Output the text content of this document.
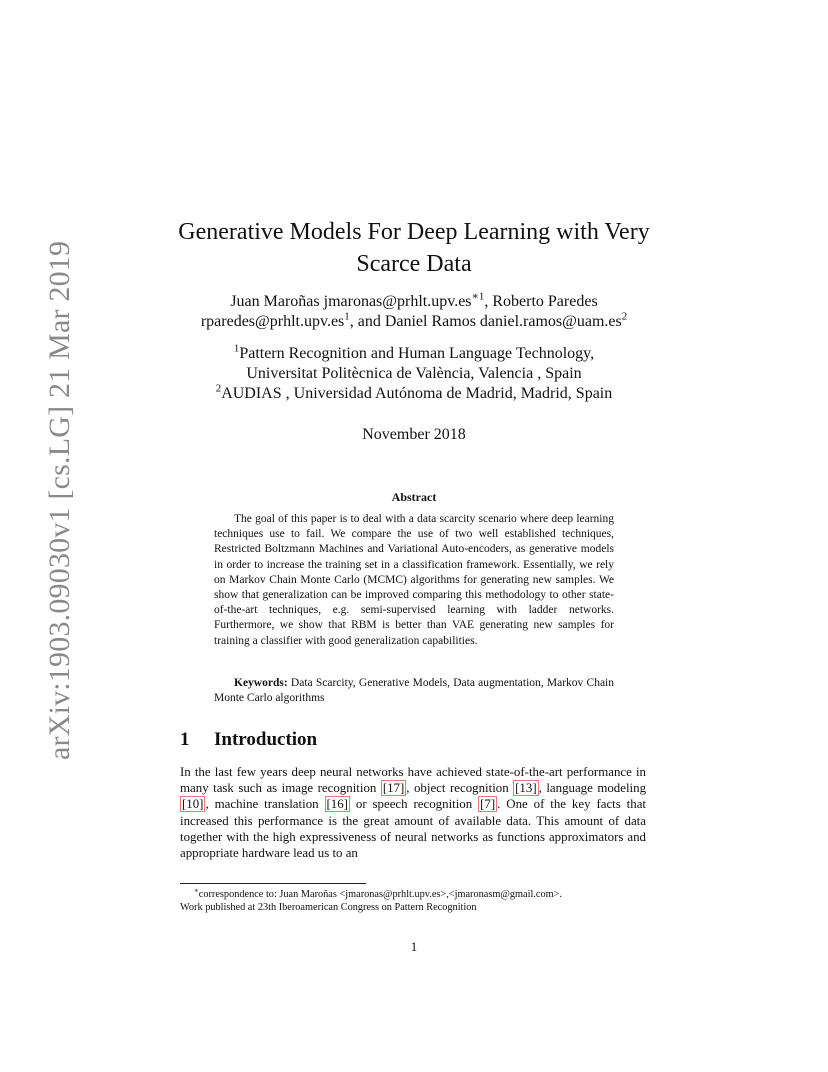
arXiv:1903.09030v1 [cs.LG] 21 Mar 2019
Generative Models For Deep Learning with Very
Scarce Data
Juan Maroñas $jmaronas@prhlt.upv.es^{∗1}$, Roberto Paredes
$rparedes@prhlt.upv.es^1$, and Daniel Ramos $daniel.ramos@uam.es^2$
$^1$Pattern Recognition and Human Language Technology,
Universitat Politècnica de València, Valencia , Spain
$^2$AUDIAS , Universidad Autónoma de Madrid, Madrid, Spain
November 2018
Abstract
The goal of this paper is to deal with a data scarcity scenario where deep learning techniques use to fail. We compare the use of two well established techniques, Restricted Boltzmann Machines and Variational Auto-encoders, as generative models in order to increase the training set in a classification framework. Essentially, we rely on Markov Chain Monte Carlo (MCMC) algorithms for generating new samples. We show that generalization can be improved comparing this methodology to other state-of-the-art techniques, e.g. semi-supervised learning with ladder networks. Furthermore, we show that RBM is better than VAE generating new samples for training a classifier with good generalization capabilities.
Keywords: Data Scarcity, Generative Models, Data augmentation, Markov Chain Monte Carlo algorithms
1 Introduction
In the last few years deep neural networks have achieved state-of-the-art performance in many task such as image recognition [17] , object recognition [13] , language modeling [10] , machine translation [16] or speech recognition [7] . One of the key facts that increased this performance is the great amount of available data. This amount of data together with the high expressiveness of neural networks as functions approximators and appropriate hardware lead us to an
∗correspondence to: Juan Maroñas <jmaronas@prhlt.upv.es>,<jmaronasm@gmail.com>.
Work published at 23th Iberoamerican Congress on Pattern Recognition
1
